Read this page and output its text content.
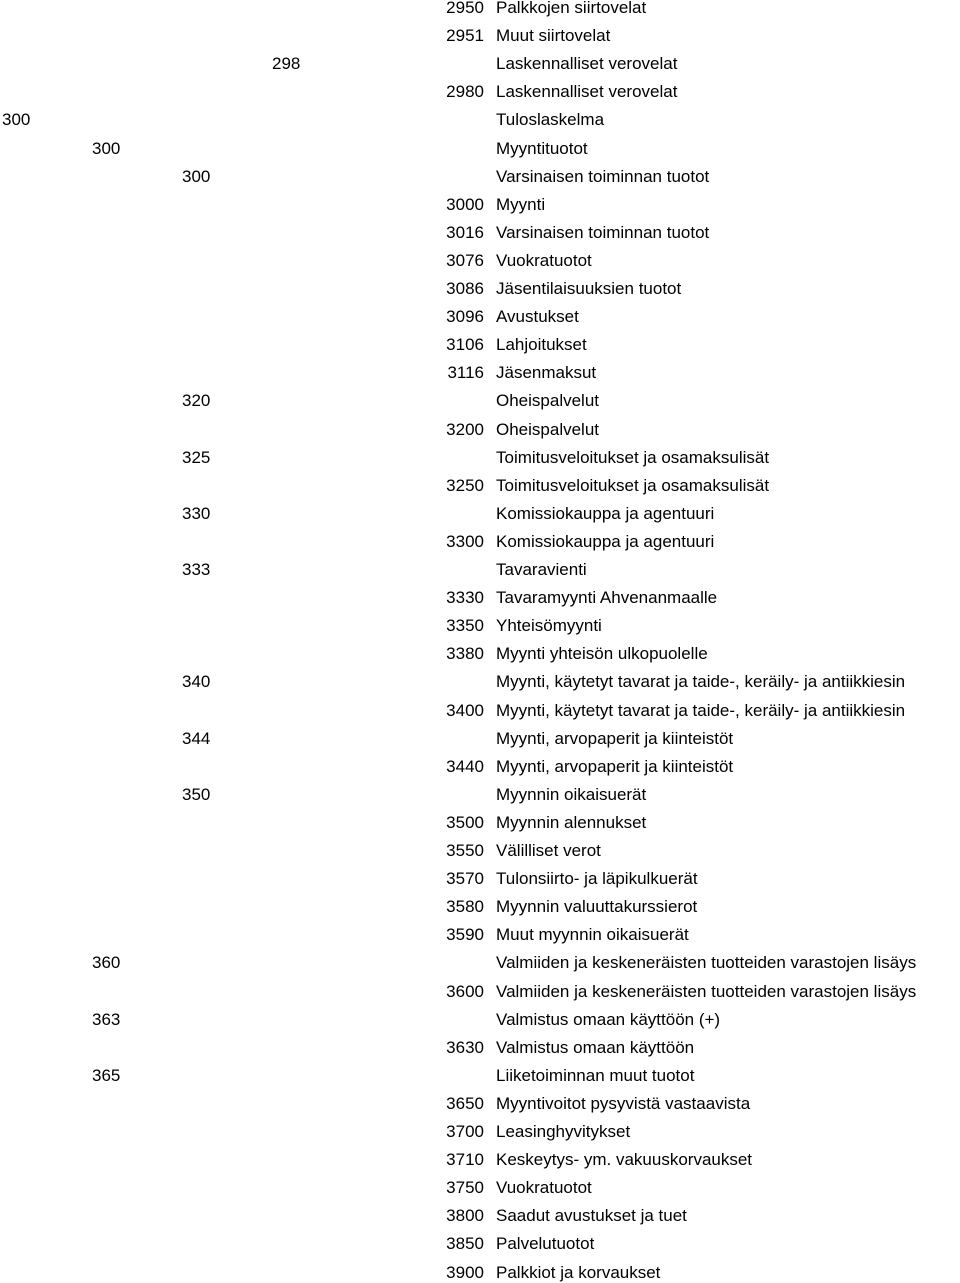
2950 Palkkojen siirtovelat
2951 Muut siirtovelat
298	Laskennalliset verovelat
2980 Laskennalliset verovelat
300	Tuloslaskelma
300	Myyntituotot
300	Varsinaisen toiminnan tuotot
3000 Myynti
3016 Varsinaisen toiminnan tuotot
3076 Vuokratuotot
3086 Jäsentilaisuuksien tuotot
3096 Avustukset
3106 Lahjoitukset
3116 Jäsenmaksut
320	Oheispalvelut
3200 Oheispalvelut
325	Toimitusveloitukset ja osamaksulisät
3250 Toimitusveloitukset ja osamaksulisät
330	Komissiokauppa ja agentuuri
3300 Komissiokauppa ja agentuuri
333	Tavaravienti
3330 Tavaramyynti Ahvenanmaalle
3350 Yhteisömyynti
3380 Myynti yhteisön ulkopuolelle
340	Myynti, käytetyt tavarat ja taide-, keräily- ja antiikkiesin
3400 Myynti, käytetyt tavarat ja taide-, keräily- ja antiikkiesin
344	Myynti, arvopaperit ja kiinteistöt
3440 Myynti, arvopaperit ja kiinteistöt
350	Myynnin oikaisuerät
3500 Myynnin alennukset
3550 Välilliset verot
3570 Tulonsiirto- ja läpikulkuerät
3580 Myynnin valuuttakurssierot
3590 Muut myynnin oikaisuerät
360	Valmiiden ja keskeneräisten tuotteiden varastojen lisäys
3600 Valmiiden ja keskeneräisten tuotteiden varastojen lisäys
363	Valmistus omaan käyttöön (+)
3630 Valmistus omaan käyttöön
365	Liiketoiminnan muut tuotot
3650 Myyntivoitot pysyvistä vastaavista
3700 Leasinghyvitykset
3710 Keskeytys- ym. vakuuskorvaukset
3750 Vuokratuotot
3800 Saadut avustukset ja tuet
3850 Palvelutuotot
3900 Palkkiot ja korvaukset
